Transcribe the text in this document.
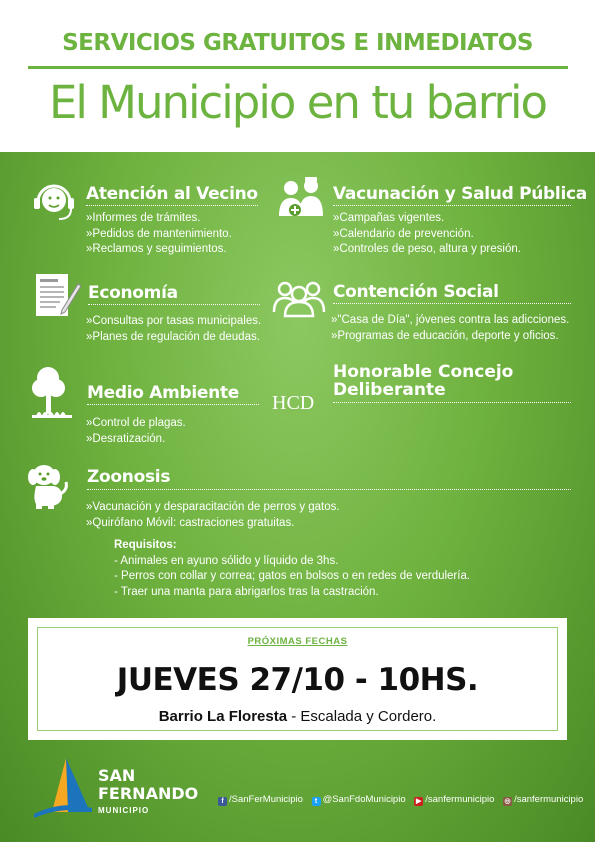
SERVICIOS GRATUITOS E INMEDIATOS
El Municipio en tu barrio
Atención al Vecino
» Informes de trámites.
» Pedidos de mantenimiento.
» Reclamos y seguimientos.
Vacunación y Salud Pública
» Campañas vigentes.
» Calendario de prevención.
» Controles de peso, altura y presión.
Economía
» Consultas por tasas municipales.
» Planes de regulación de deudas.
Contención Social
» "Casa de Día", jóvenes contra las adicciones.
» Programas de educación, deporte y oficios.
Medio Ambiente
» Control de plagas.
» Desratización.
HCD
Honorable Concejo
Deliberante
Zoonosis
» Vacunación y desparacitación de perros y gatos.
» Quirófano Móvil: castraciones gratuitas.
Requisitos:
- Animales en ayuno sólido y líquido de 3hs.
- Perros con collar y correa; gatos en bolsos o en redes de verdulería.
- Traer una manta para abrigarlos tras la castración.
PRÓXIMAS FECHAS
JUEVES 27/10 - 10HS.
Barrio La Floresta - Escalada y Cordero.
SAN
FERNANDO
MUNICIPIO
f /SanFerMunicipio t @SanFdoMunicipio ▶ /sanfermunicipio ◎ /sanfermunicipio
